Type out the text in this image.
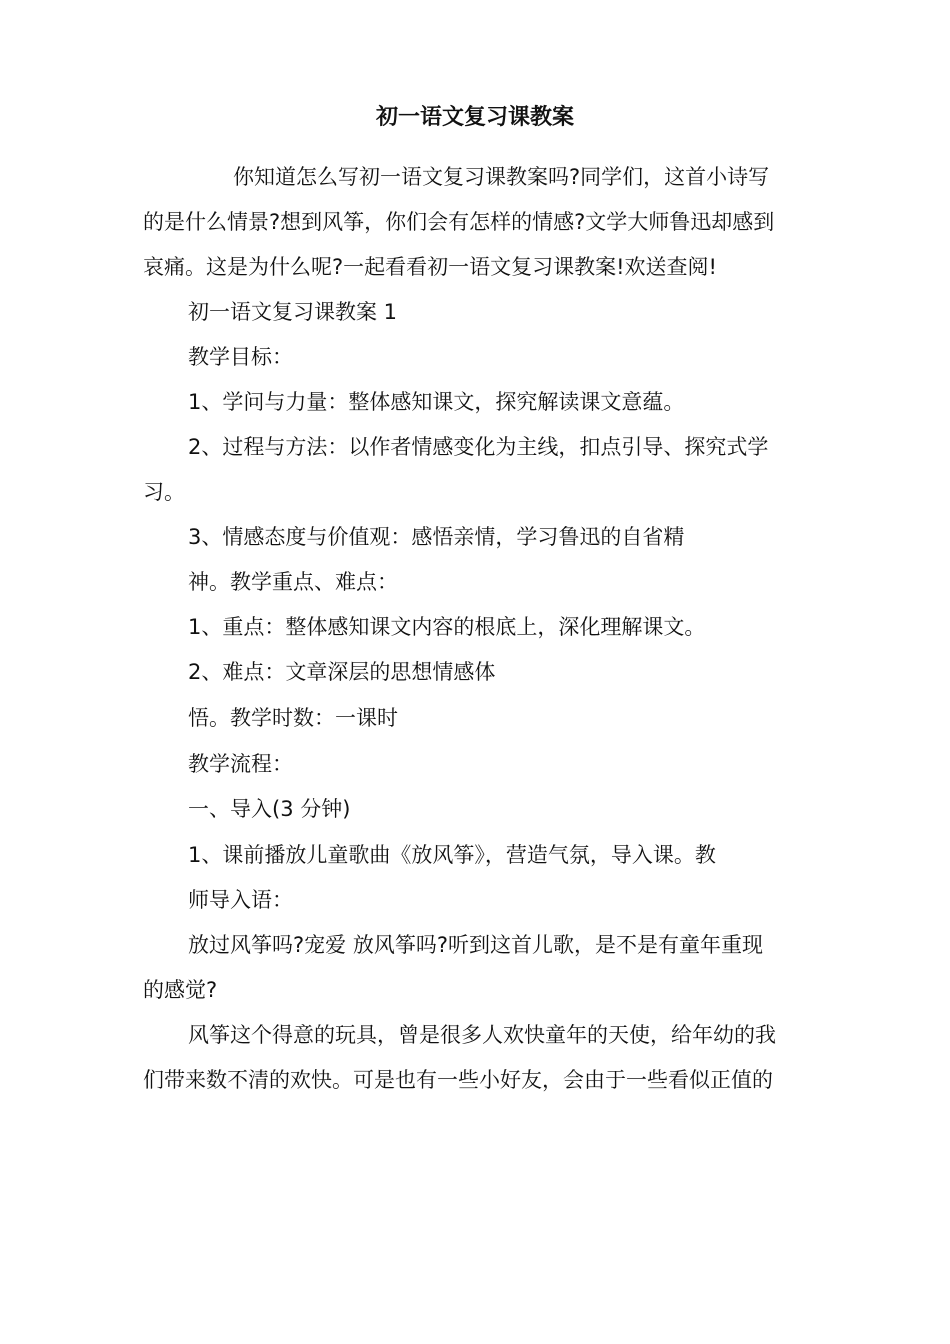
初一语文复习课教案

你知道怎么写初一语文复习课教案吗?同学们，这首小诗写

的是什么情景?想到风筝，你们会有怎样的情感?文学大师鲁迅却感到

哀痛。这是为什么呢?一起看看初一语文复习课教案!欢送查阅!

初一语文复习课教案 1

教学目标：

1、学问与力量：整体感知课文，探究解读课文意蕴。

2、过程与方法：以作者情感变化为主线，扣点引导、探究式学

习。

3、情感态度与价值观：感悟亲情，学习鲁迅的自省精

神。教学重点、难点：

1、重点：整体感知课文内容的根底上，深化理解课文。

2、难点：文章深层的思想情感体

悟。教学时数：一课时

教学流程：

一、导入(3 分钟)

1、课前播放儿童歌曲《放风筝》，营造气氛，导入课。教

师导入语：

放过风筝吗?宠爱 放风筝吗?听到这首儿歌，是不是有童年重现

的感觉?

风筝这个得意的玩具，曾是很多人欢快童年的天使，给年幼的我

们带来数不清的欢快。可是也有一些小好友，会由于一些看似正值的
